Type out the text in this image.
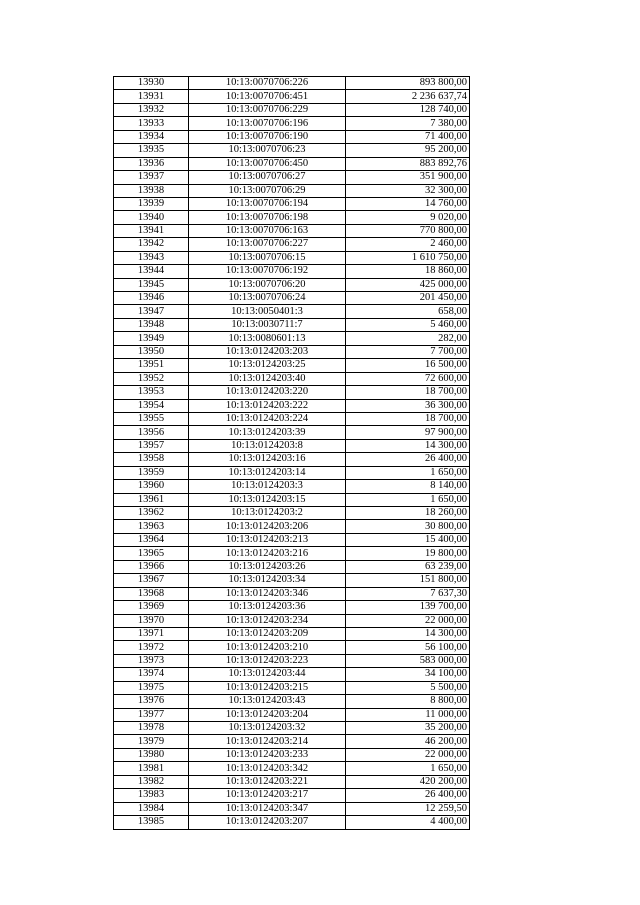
13930	10:13:0070706:226	893 800,00
13931	10:13:0070706:451	2 236 637,74
13932	10:13:0070706:229	128 740,00
13933	10:13:0070706:196	7 380,00
13934	10:13:0070706:190	71 400,00
13935	10:13:0070706:23	95 200,00
13936	10:13:0070706:450	883 892,76
13937	10:13:0070706:27	351 900,00
13938	10:13:0070706:29	32 300,00
13939	10:13:0070706:194	14 760,00
13940	10:13:0070706:198	9 020,00
13941	10:13:0070706:163	770 800,00
13942	10:13:0070706:227	2 460,00
13943	10:13:0070706:15	1 610 750,00
13944	10:13:0070706:192	18 860,00
13945	10:13:0070706:20	425 000,00
13946	10:13:0070706:24	201 450,00
13947	10:13:0050401:3	658,00
13948	10:13:0030711:7	5 460,00
13949	10:13:0080601:13	282,00
13950	10:13:0124203:203	7 700,00
13951	10:13:0124203:25	16 500,00
13952	10:13:0124203:40	72 600,00
13953	10:13:0124203:220	18 700,00
13954	10:13:0124203:222	36 300,00
13955	10:13:0124203:224	18 700,00
13956	10:13:0124203:39	97 900,00
13957	10:13:0124203:8	14 300,00
13958	10:13:0124203:16	26 400,00
13959	10:13:0124203:14	1 650,00
13960	10:13:0124203:3	8 140,00
13961	10:13:0124203:15	1 650,00
13962	10:13:0124203:2	18 260,00
13963	10:13:0124203:206	30 800,00
13964	10:13:0124203:213	15 400,00
13965	10:13:0124203:216	19 800,00
13966	10:13:0124203:26	63 239,00
13967	10:13:0124203:34	151 800,00
13968	10:13:0124203:346	7 637,30
13969	10:13:0124203:36	139 700,00
13970	10:13:0124203:234	22 000,00
13971	10:13:0124203:209	14 300,00
13972	10:13:0124203:210	56 100,00
13973	10:13:0124203:223	583 000,00
13974	10:13:0124203:44	34 100,00
13975	10:13:0124203:215	5 500,00
13976	10:13:0124203:43	8 800,00
13977	10:13:0124203:204	11 000,00
13978	10:13:0124203:32	35 200,00
13979	10:13:0124203:214	46 200,00
13980	10:13:0124203:233	22 000,00
13981	10:13:0124203:342	1 650,00
13982	10:13:0124203:221	420 200,00
13983	10:13:0124203:217	26 400,00
13984	10:13:0124203:347	12 259,50
13985	10:13:0124203:207	4 400,00
